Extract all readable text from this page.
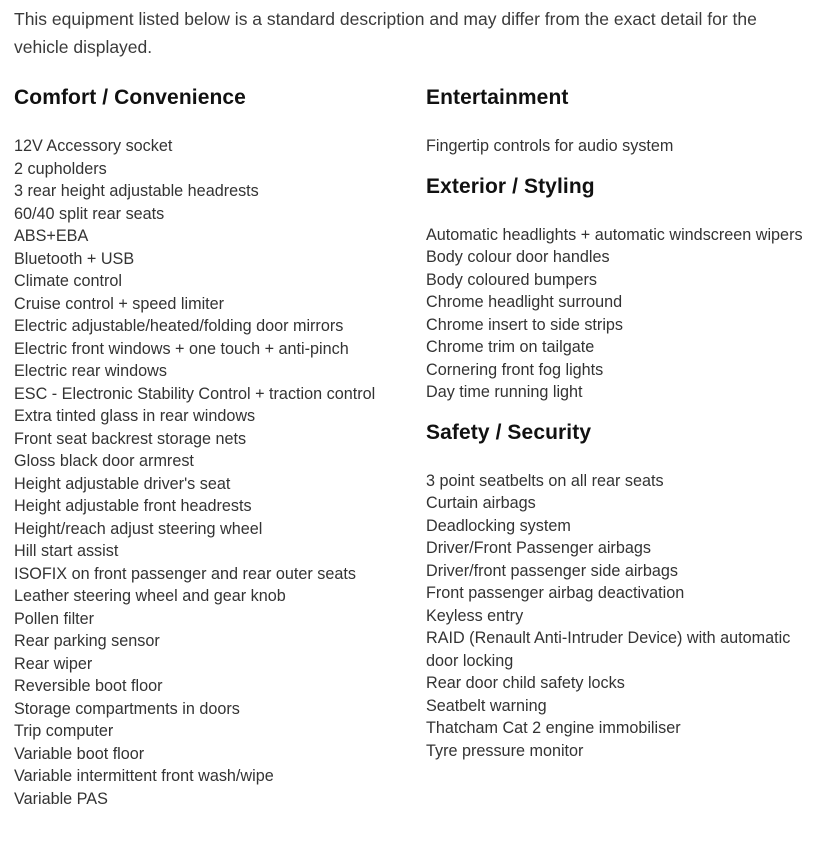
This equipment listed below is a standard description and may differ from the exact detail for the vehicle displayed.

Comfort / Convenience
12V Accessory socket
2 cupholders
3 rear height adjustable headrests
60/40 split rear seats
ABS+EBA
Bluetooth + USB
Climate control
Cruise control + speed limiter
Electric adjustable/heated/folding door mirrors
Electric front windows + one touch + anti-pinch
Electric rear windows
ESC - Electronic Stability Control + traction control
Extra tinted glass in rear windows
Front seat backrest storage nets
Gloss black door armrest
Height adjustable driver's seat
Height adjustable front headrests
Height/reach adjust steering wheel
Hill start assist
ISOFIX on front passenger and rear outer seats
Leather steering wheel and gear knob
Pollen filter
Rear parking sensor
Rear wiper
Reversible boot floor
Storage compartments in doors
Trip computer
Variable boot floor
Variable intermittent front wash/wipe
Variable PAS
Entertainment
Fingertip controls for audio system
Exterior / Styling
Automatic headlights + automatic windscreen wipers
Body colour door handles
Body coloured bumpers
Chrome headlight surround
Chrome insert to side strips
Chrome trim on tailgate
Cornering front fog lights
Day time running light
Safety / Security
3 point seatbelts on all rear seats
Curtain airbags
Deadlocking system
Driver/Front Passenger airbags
Driver/front passenger side airbags
Front passenger airbag deactivation
Keyless entry
RAID (Renault Anti-Intruder Device) with automatic door locking
Rear door child safety locks
Seatbelt warning
Thatcham Cat 2 engine immobiliser
Tyre pressure monitor
